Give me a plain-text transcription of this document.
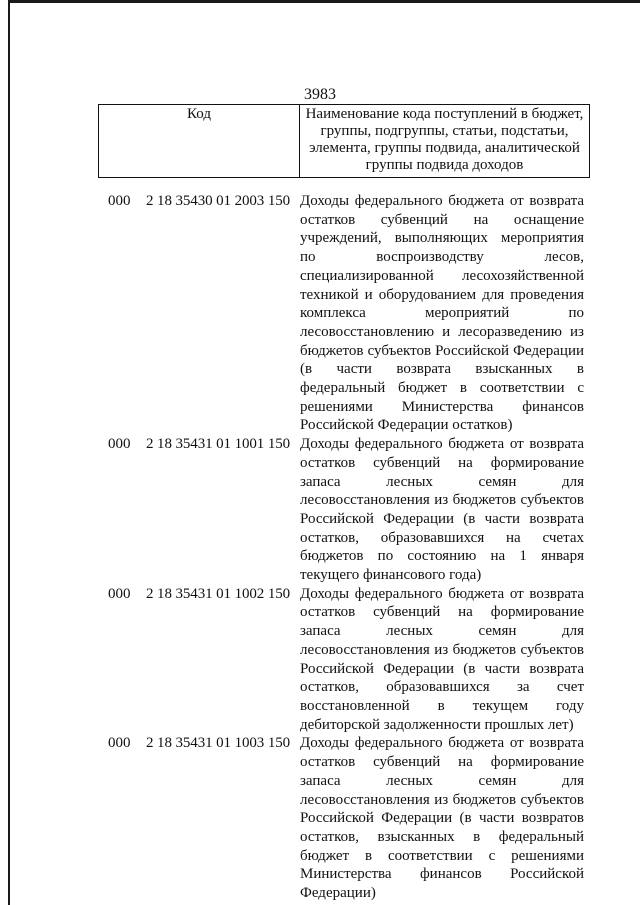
3983
Код	Наименование кода поступлений в бюджет, группы, подгруппы, статьи, подстатьи, элемента, группы подвида, аналитической группы подвида доходов
000	2 18 35430 01 2003 150 Доходы федерального бюджета от возврата остатков субвенций на оснащение учреждений, выполняющих мероприятия по воспроизводству лесов, специализированной лесохозяйственной техникой и оборудованием для проведения комплекса мероприятий по лесовосстановлению и лесоразведению из бюджетов субъектов Российской Федерации (в части возврата взысканных в федеральный бюджет в соответствии с решениями Министерства финансов Российской Федерации остатков)
000	2 18 35431 01 1001 150 Доходы федерального бюджета от возврата остатков субвенций на формирование запаса лесных семян для лесовосстановления из бюджетов субъектов Российской Федерации (в части возврата остатков, образовавшихся на счетах бюджетов по состоянию на 1 января текущего финансового года)
000	2 18 35431 01 1002 150 Доходы федерального бюджета от возврата остатков субвенций на формирование запаса лесных семян для лесовосстановления из бюджетов субъектов Российской Федерации (в части возврата остатков, образовавшихся за счет восстановленной в текущем году дебиторской задолженности прошлых лет)
000	2 18 35431 01 1003 150 Доходы федерального бюджета от возврата остатков субвенций на формирование запаса лесных семян для лесовосстановления из бюджетов субъектов Российской Федерации (в части возвратов остатков, взысканных в федеральный бюджет в соответствии с решениями Министерства финансов Российской Федерации)
